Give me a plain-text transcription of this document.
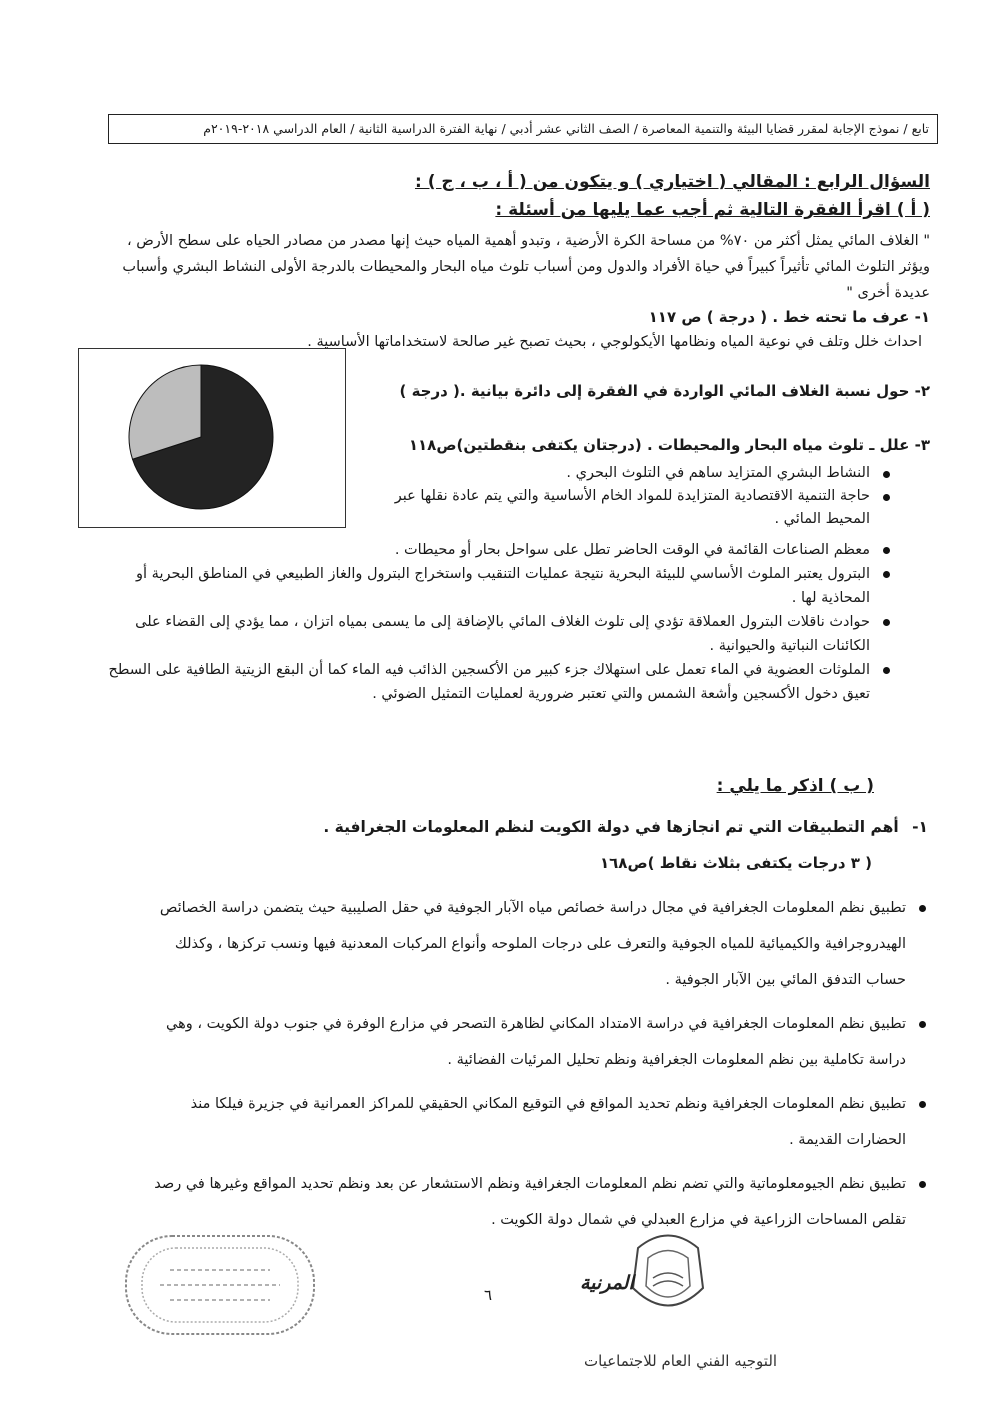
تابع / نموذج الإجابة لمقرر قضايا البيئة والتنمية المعاصرة / الصف الثاني عشر أدبي / نهاية الفترة الدراسية الثانية / العام الدراسي ٢٠١٨-٢٠١٩م
السؤال الرابع : المقالي ( اختياري ) و يتكون من ( أ ، ب ، ج ) :
( أ ) اقرأ الفقرة التالية ثم أجب عما يليها من أسئلة :
" الغلاف المائي يمثل أكثر من ٧٠% من مساحة الكرة الأرضية ، وتبدو أهمية المياه حيث إنها مصدر من مصادر الحياه على سطح الأرض ، ويؤثر التلوث المائي تأثيراً كبيراً في حياة الأفراد والدول ومن أسباب تلوث مياه البحار والمحيطات بالدرجة الأولى النشاط البشري وأسباب عديدة أخرى "
١- عرف ما تحته خط . ( درجة ) ص ١١٧
احداث خلل وتلف في نوعية المياه ونظامها الأيكولوجي ، بحيث تصبح غير صالحة لاستخداماتها الأساسية .
٢- حول نسبة الغلاف المائي الواردة في الفقرة إلى دائرة بيانية .( درجة )
٣- علل ـ تلوث مياه البحار والمحيطات . (درجتان يكتفى بنقطتين)ص١١٨
النشاط البشري المتزايد ساهم في التلوث البحري .
حاجة التنمية الاقتصادية المتزايدة للمواد الخام الأساسية والتي يتم عادة نقلها عبر المحيط المائي .
معظم الصناعات القائمة في الوقت الحاضر تطل على سواحل بحار أو محيطات .
البترول يعتبر الملوث الأساسي للبيئة البحرية نتيجة عمليات التنقيب واستخراج البترول والغاز الطبيعي في المناطق البحرية أو المحاذية لها .
حوادث ناقلات البترول العملاقة تؤدي إلى تلوث الغلاف المائي بالإضافة إلى ما يسمى بمياه اتزان ، مما يؤدي إلى القضاء على الكائنات النباتية والحيوانية .
الملوثات العضوية في الماء تعمل على استهلاك جزء كبير من الأكسجين الذائب فيه الماء كما أن البقع الزيتية الطافية على السطح تعيق دخول الأكسجين وأشعة الشمس والتي تعتبر ضرورية لعمليات التمثيل الضوئي .
( ب ) اذكر ما يلي :
١- أهم التطبيقات التي تم انجازها في دولة الكويت لنظم المعلومات الجغرافية .
( ٣ درجات يكتفى بثلاث نقاط )ص١٦٨
تطبيق نظم المعلومات الجغرافية في مجال دراسة خصائص مياه الآبار الجوفية في حقل الصليبية حيث يتضمن دراسة الخصائص الهيدروجرافية والكيميائية للمياه الجوفية والتعرف على درجات الملوحه وأنواع المركبات المعدنية فيها ونسب تركزها ، وكذلك حساب التدفق المائي بين الآبار الجوفية .
تطبيق نظم المعلومات الجغرافية في دراسة الامتداد المكاني لظاهرة التصحر في مزارع الوفرة في جنوب دولة الكويت ، وهي دراسة تكاملية بين نظم المعلومات الجغرافية ونظم تحليل المرئيات الفضائية .
تطبيق نظم المعلومات الجغرافية ونظم تحديد المواقع في التوقيع المكاني الحقيقي للمراكز العمرانية في جزيرة فيلكا منذ الحضارات القديمة .
تطبيق نظم الجيومعلوماتية والتي تضم نظم المعلومات الجغرافية ونظم الاستشعار عن بعد ونظم تحديد المواقع وغيرها في رصد تقلص المساحات الزراعية في مزارع العبدلي في شمال دولة الكويت .
المرنية
٦
التوجيه الفني العام للاجتماعيات
